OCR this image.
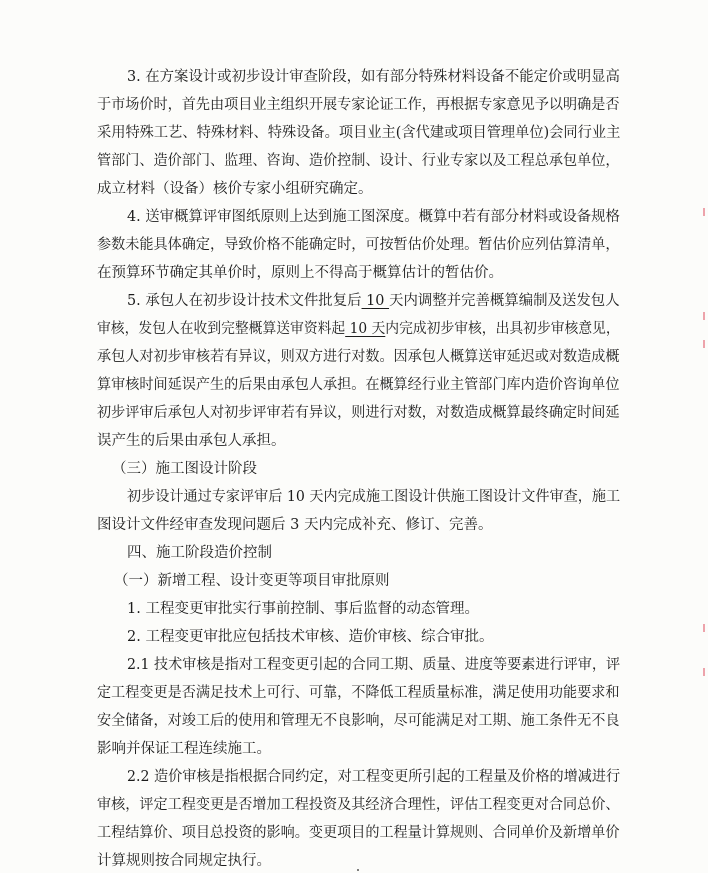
3. 在方案设计或初步设计审查阶段，如有部分特殊材料设备不能定价或明显高
于市场价时，首先由项目业主组织开展专家论证工作，再根据专家意见予以明确是否
采用特殊工艺、特殊材料、特殊设备。项目业主(含代建或项目管理单位)会同行业主
管部门、造价部门、监理、咨询、造价控制、设计、行业专家以及工程总承包单位，
成立材料（设备）核价专家小组研究确定。
4. 送审概算评审图纸原则上达到施工图深度。概算中若有部分材料或设备规格
参数未能具体确定，导致价格不能确定时，可按暂估价处理。暂估价应列估算清单，
在预算环节确定其单价时，原则上不得高于概算估计的暂估价。
5. 承包人在初步设计技术文件批复后 10 天内调整并完善概算编制及送发包人
审核，发包人在收到完整概算送审资料起 10 天内完成初步审核，出具初步审核意见，
承包人对初步审核若有异议，则双方进行对数。因承包人概算送审延迟或对数造成概
算审核时间延误产生的后果由承包人承担。在概算经行业主管部门库内造价咨询单位
初步评审后承包人对初步评审若有异议，则进行对数，对数造成概算最终确定时间延
误产生的后果由承包人承担。
（三）施工图设计阶段
初步设计通过专家评审后 10 天内完成施工图设计供施工图设计文件审查，施工
图设计文件经审查发现问题后 3 天内完成补充、修订、完善。
四、施工阶段造价控制
（一）新增工程、设计变更等项目审批原则
1. 工程变更审批实行事前控制、事后监督的动态管理。
2. 工程变更审批应包括技术审核、造价审核、综合审批。
2.1 技术审核是指对工程变更引起的合同工期、质量、进度等要素进行评审，评
定工程变更是否满足技术上可行、可靠，不降低工程质量标准，满足使用功能要求和
安全储备，对竣工后的使用和管理无不良影响，尽可能满足对工期、施工条件无不良
影响并保证工程连续施工。
2.2 造价审核是指根据合同约定，对工程变更所引起的工程量及价格的增减进行
审核，评定工程变更是否增加工程投资及其经济合理性，评估工程变更对合同总价、
工程结算价、项目总投资的影响。变更项目的工程量计算规则、合同单价及新增单价
计算规则按合同规定执行。
